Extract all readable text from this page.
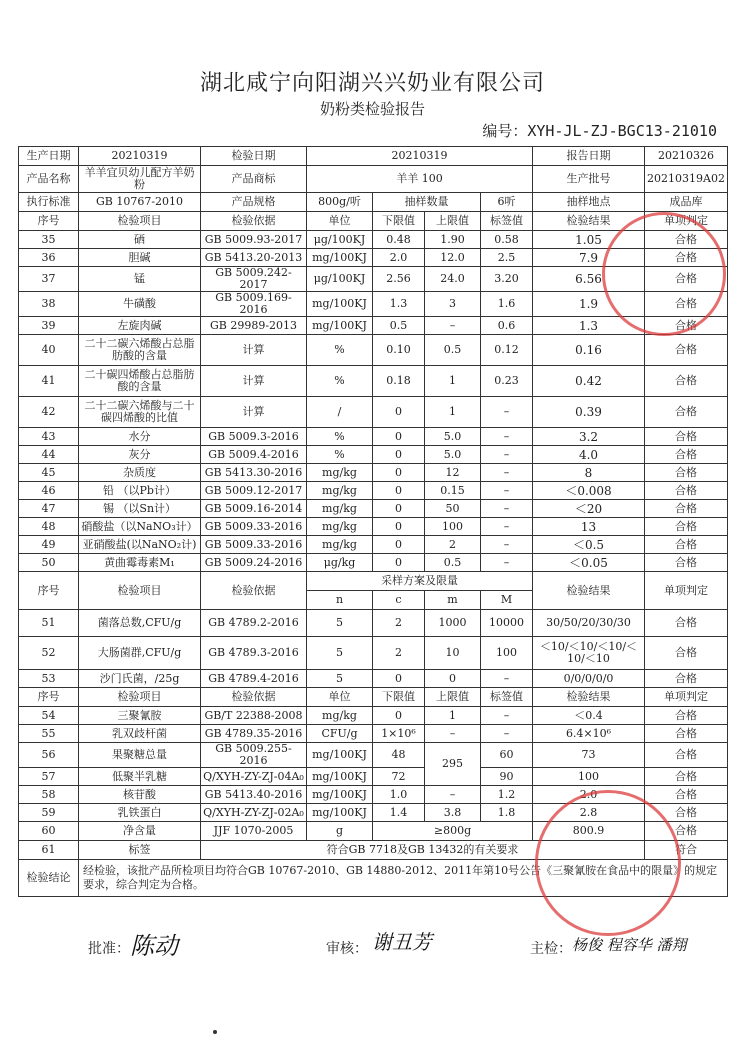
湖北咸宁向阳湖兴兴奶业有限公司
奶粉类检验报告
编号：XYH-JL-ZJ-BGC13-21010
生产日期	20210319	检验日期	20210319				报告日期	20210326
产品名称	羊羊宜贝幼儿配方羊奶粉	产品商标	羊羊 100				生产批号	20210319A02
执行标准	GB 10767-2010	产品规格	800g/听	抽样数量		6听	抽样地点	成品库
序号	检验项目	检验依据	单位	下限值	上限值	标签值	检验结果	单项判定
35	硒	GB 5009.93-2017	μg/100KJ	0.48	1.90	0.58	1.05	合格
36	胆碱	GB 5413.20-2013	mg/100KJ	2.0	12.0	2.5	7.9	合格
37	锰	GB 5009.242-2017	μg/100KJ	2.56	24.0	3.20	6.56	合格
38	牛磺酸	GB 5009.169-2016	mg/100KJ	1.3	3	1.6	1.9	合格
39	左旋肉碱	GB 29989-2013	mg/100KJ	0.5	–	0.6	1.3	合格
40	二十二碳六烯酸占总脂肪酸的含量	计算	%	0.10	0.5	0.12	0.16	合格
41	二十碳四烯酸占总脂肪酸的含量	计算	%	0.18	1	0.23	0.42	合格
42	二十二碳六烯酸与二十碳四烯酸的比值	计算	/	0	1	–	0.39	合格
43	水分	GB 5009.3-2016	%	0	5.0	–	3.2	合格
44	灰分	GB 5009.4-2016	%	0	5.0	–	4.0	合格
45	杂质度	GB 5413.30-2016	mg/kg	0	12	–	8	合格
46	铅 （以Pb计）	GB 5009.12-2017	mg/kg	0	0.15	–	＜0.008	合格
47	锡 （以Sn计）	GB 5009.16-2014	mg/kg	0	50	–	＜20	合格
48	硝酸盐（以NaNO₃计）	GB 5009.33-2016	mg/kg	0	100	–	13	合格
49	亚硝酸盐(以NaNO₂计)	GB 5009.33-2016	mg/kg	0	2	–	＜0.5	合格
50	黄曲霉毒素M₁	GB 5009.24-2016	μg/kg	0	0.5	–	＜0.05	合格
序号	检验项目	检验依据	采样方案及限量				检验结果	单项判定
			n	c	m	M		
51	菌落总数,CFU/g	GB 4789.2-2016	5	2	1000	10000	30/50/20/30/30	合格
52	大肠菌群,CFU/g	GB 4789.3-2016	5	2	10	100	＜10/＜10/＜10/＜10/＜10	合格
53	沙门氏菌，/25g	GB 4789.4-2016	5	0	0	–	0/0/0/0/0	合格
序号	检验项目	检验依据	单位	下限值	上限值	标签值	检验结果	单项判定
54	三聚氰胺	GB/T 22388-2008	mg/kg	0	1	–	＜0.4	合格
55	乳双歧杆菌	GB 4789.35-2016	CFU/g	1×10⁶	–	–	6.4×10⁶	合格
56	果聚糖总量	GB 5009.255-2016	mg/100KJ	48	295	60	73	合格
57	低聚半乳糖	Q/XYH-ZY-ZJ-04A₀	mg/100KJ	72		90	100	合格
58	核苷酸	GB 5413.40-2016	mg/100KJ	1.0	–	1.2	2.0	合格
59	乳铁蛋白	Q/XYH-ZY-ZJ-02A₀	mg/100KJ	1.4	3.8	1.8	2.8	合格
60	净含量	JJF 1070-2005	g	≥800g			800.9	合格
61	标签	符合GB 7718及GB 13432的有关要求						符合
检验结论	经检验，该批产品所检项目均符合GB 10767-2010、GB 14880-2012、2011年第10号公告《三聚氰胺在食品中的限量》的规定要求，综合判定为合格。							
批准： 陈动	审核： 谢丑芳	主检： 杨俊 程容华 潘翔
